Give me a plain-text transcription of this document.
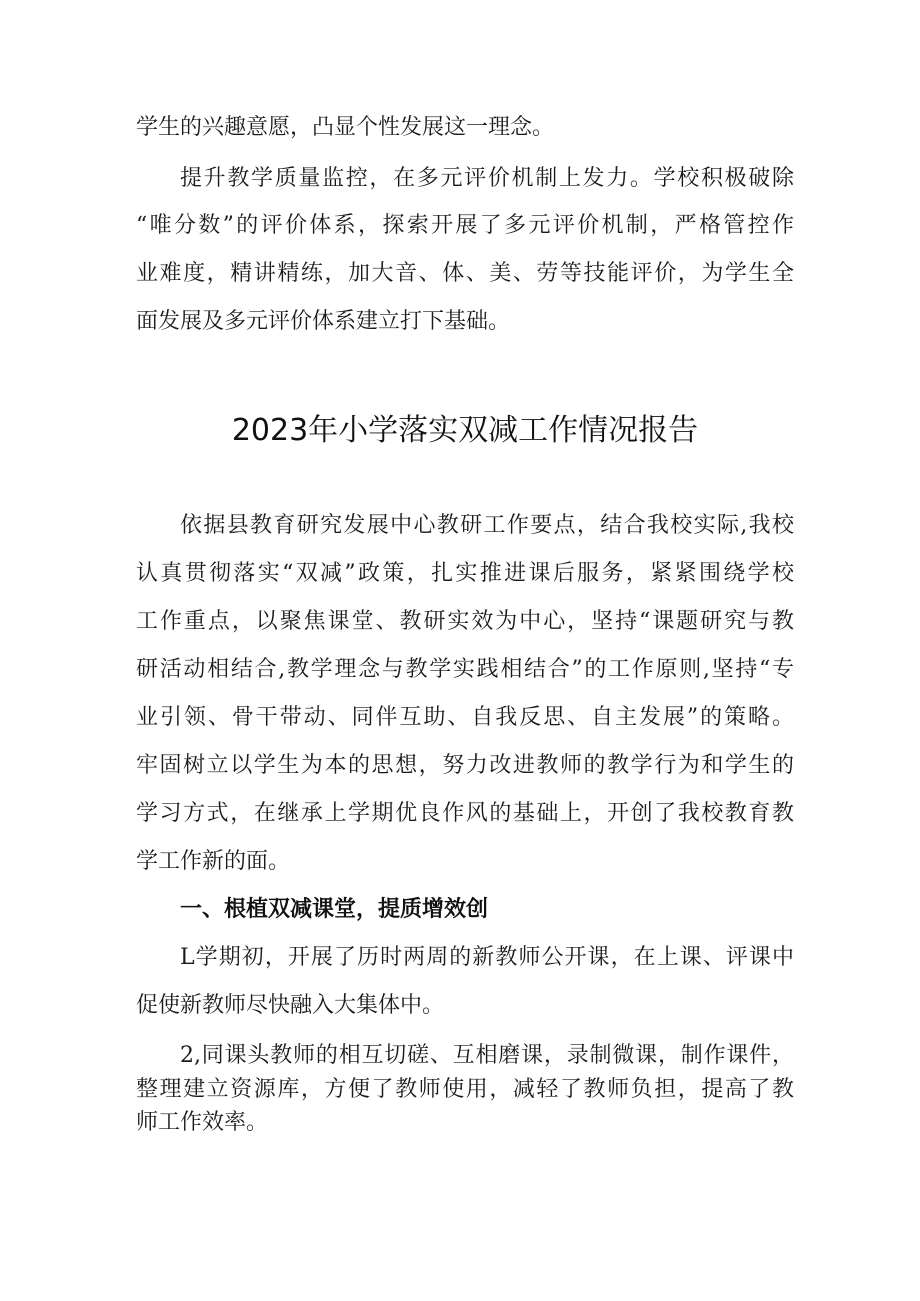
学生的兴趣意愿，凸显个性发展这一理念。
提升教学质量监控，在多元评价机制上发力。学校积极破除
“唯分数”的评价体系，探索开展了多元评价机制，严格管控作
业难度，精讲精练，加大音、体、美、劳等技能评价，为学生全
面发展及多元评价体系建立打下基础。
2023年小学落实双减工作情况报告
依据县教育研究发展中心教研工作要点，结合我校实际,我校
认真贯彻落实“双减”政策，扎实推进课后服务，紧紧围绕学校
工作重点，以聚焦课堂、教研实效为中心，坚持“课题研究与教
研活动相结合,教学理念与教学实践相结合”的工作原则,坚持“专
业引领、骨干带动、同伴互助、自我反思、自主发展”的策略。
牢固树立以学生为本的思想，努力改进教师的教学行为和学生的
学习方式，在继承上学期优良作风的基础上，开创了我校教育教
学工作新的面。
一、根植双减课堂，提质增效创
L学期初，开展了历时两周的新教师公开课，在上课、评课中
促使新教师尽快融入大集体中。
2,同课头教师的相互切磋、互相磨课，录制微课，制作课件，
整理建立资源库，方便了教师使用，减轻了教师负担，提高了教
师工作效率。
